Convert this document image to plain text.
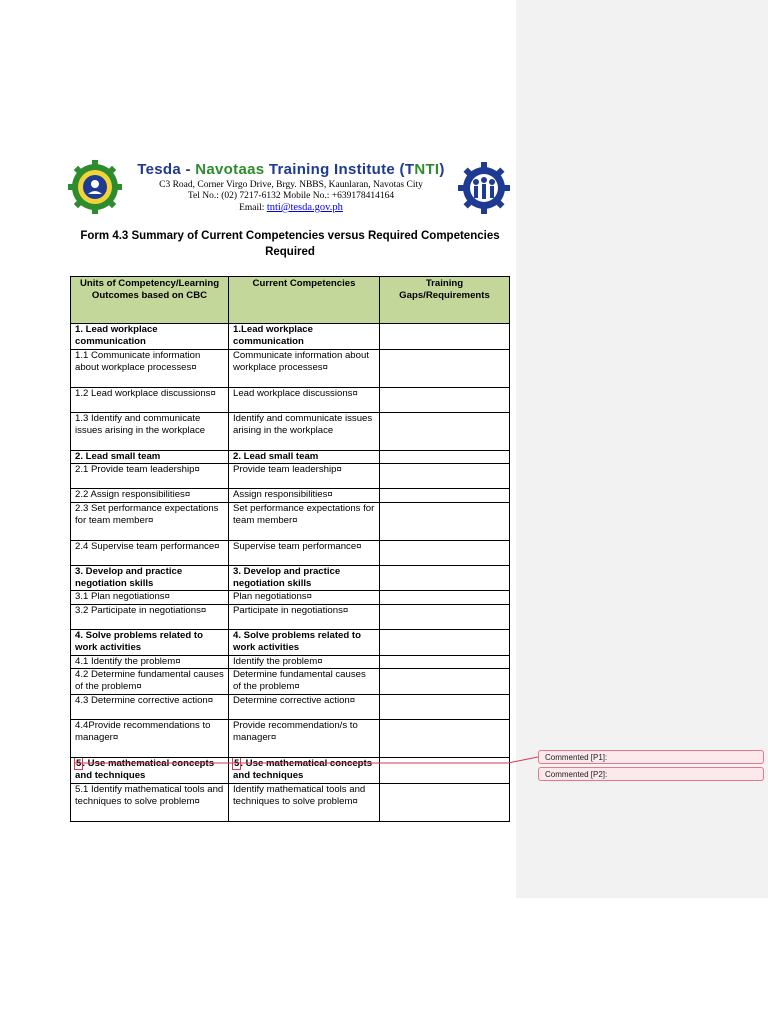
Tesda - Navotaas Training Institute (TNTI)
C3 Road, Corner Virgo Drive, Brgy. NBBS, Kaunlaran, Navotas City
Tel No.: (02) 7217-6132 Mobile No.: +639178414164
Email: tnti@tesda.gov.ph
Form 4.3 Summary of Current Competencies versus Required Competencies Required
Units of Competency/Learning Outcomes based on CBC	Current Competencies	Training Gaps/Requirements
1. Lead workplace communication	1.Lead workplace communication	
1.1 Communicate information about workplace processes¤	Communicate information about workplace processes¤	
1.2 Lead workplace discussions¤	Lead workplace discussions¤	
1.3 Identify and communicate issues arising in the workplace	Identify and communicate issues arising in the workplace	
2. Lead small team	2. Lead small team	
2.1 Provide team leadership¤	Provide team leadership¤	
2.2 Assign responsibilities¤	Assign responsibilities¤	
2.3 Set performance expectations for team member¤	Set performance expectations for team member¤	
2.4 Supervise team performance¤	Supervise team performance¤	
3. Develop and practice negotiation skills	3. Develop and practice negotiation skills	
3.1 Plan negotiations¤	Plan negotiations¤	
3.2 Participate in negotiations¤	Participate in negotiations¤	
4. Solve problems related to work activities	4. Solve problems related to work activities	
4.1 Identify the problem¤	Identify the problem¤	
4.2 Determine fundamental causes of the problem¤	Determine fundamental causes of the problem¤	
4.3 Determine corrective action¤	Determine corrective action¤	
4.4Provide recommendations to manager¤	Provide recommendation/s to manager¤	
5. Use mathematical concepts and techniques	5. Use mathematical concepts and techniques	
5.1 Identify mathematical tools and techniques to solve problem¤	Identify mathematical tools and techniques to solve problem¤	
Commented [P1]:
Commented [P2]:
